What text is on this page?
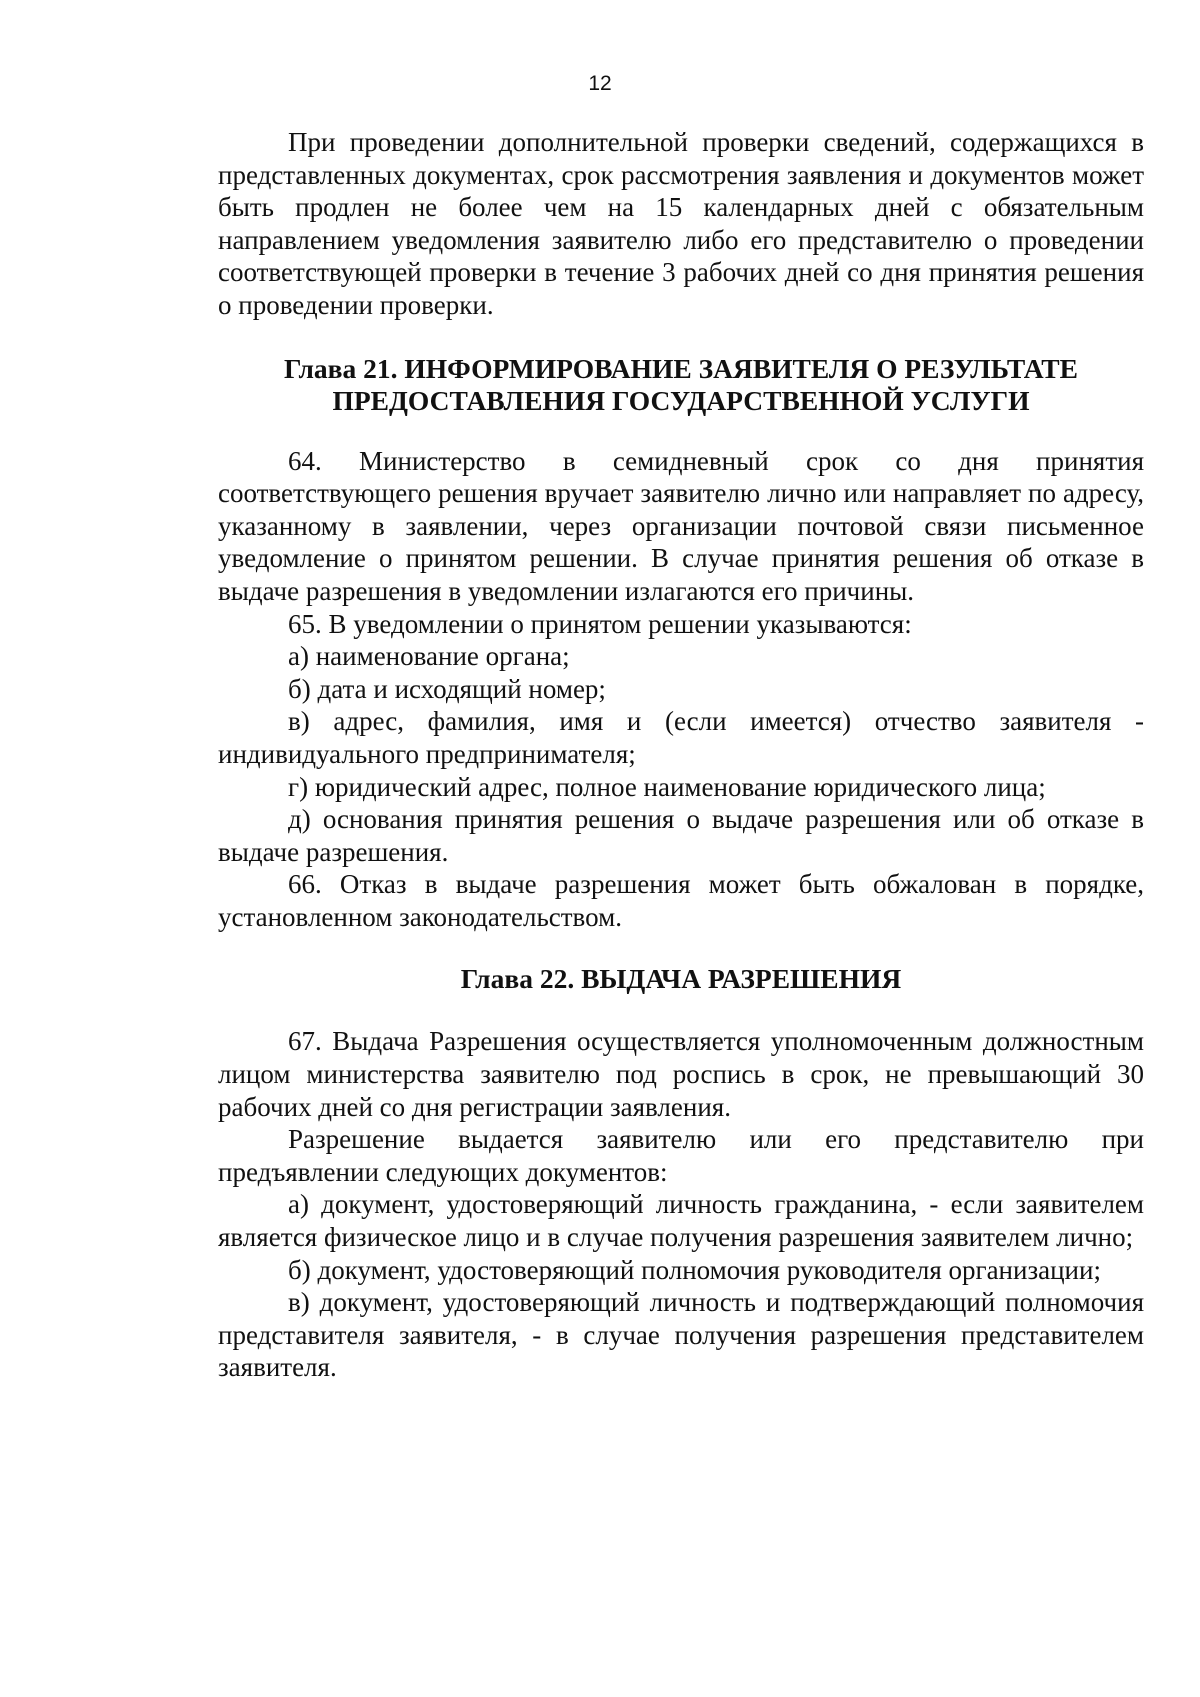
12

При проведении дополнительной проверки сведений, содержащихся в представленных документах, срок рассмотрения заявления и документов может быть продлен не более чем на 15 календарных дней с обязательным направлением уведомления заявителю либо его представителю о проведении соответствующей проверки в течение 3 рабочих дней со дня принятия решения о проведении проверки.

Глава 21. ИНФОРМИРОВАНИЕ ЗАЯВИТЕЛЯ О РЕЗУЛЬТАТЕ
ПРЕДОСТАВЛЕНИЯ ГОСУДАРСТВЕННОЙ УСЛУГИ

64. Министерство в семидневный срок со дня принятия соответствующего решения вручает заявителю лично или направляет по адресу, указанному в заявлении, через организации почтовой связи письменное уведомление о принятом решении. В случае принятия решения об отказе в выдаче разрешения в уведомлении излагаются его причины.

65. В уведомлении о принятом решении указываются:

а) наименование органа;

б) дата и исходящий номер;

в) адрес, фамилия, имя и (если имеется) отчество заявителя - индивидуального предпринимателя;

г) юридический адрес, полное наименование юридического лица;

д) основания принятия решения о выдаче разрешения или об отказе в выдаче разрешения.

66. Отказ в выдаче разрешения может быть обжалован в порядке, установленном законодательством.

Глава 22. ВЫДАЧА РАЗРЕШЕНИЯ

67. Выдача Разрешения осуществляется уполномоченным должностным лицом министерства заявителю под роспись в срок, не превышающий 30 рабочих дней со дня регистрации заявления.

Разрешение выдается заявителю или его представителю при предъявлении следующих документов:

а) документ, удостоверяющий личность гражданина, - если заявителем является физическое лицо и в случае получения разрешения заявителем лично;

б) документ, удостоверяющий полномочия руководителя организации;

в) документ, удостоверяющий личность и подтверждающий полномочия представителя заявителя, - в случае получения разрешения представителем заявителя.
